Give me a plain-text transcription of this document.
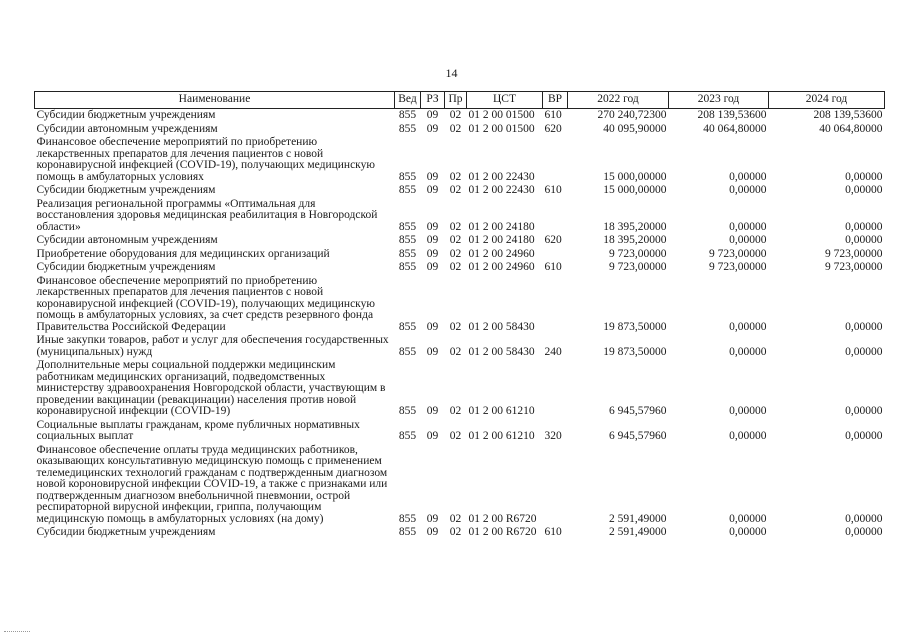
14
Наименование	Вед	РЗ	Пр	ЦСТ	ВР	2022 год	2023 год	2024 год
Субсидии бюджетным учреждениям	855	09	02	01 2 00 01500	610	270 240,72300	208 139,53600	208 139,53600
Субсидии автономным учреждениям	855	09	02	01 2 00 01500	620	40 095,90000	40 064,80000	40 064,80000
Финансовое обеспечение мероприятий по приобретению лекарственных препаратов для лечения пациентов с новой коронавирусной инфекцией (COVID-19), получающих медицинскую помощь в амбулаторных условиях	855	09	02	01 2 00 22430		15 000,00000	0,00000	0,00000
Субсидии бюджетным учреждениям	855	09	02	01 2 00 22430	610	15 000,00000	0,00000	0,00000
Реализация региональной программы «Оптимальная для восстановления здоровья медицинская реабилитация в Новгородской области»	855	09	02	01 2 00 24180		18 395,20000	0,00000	0,00000
Субсидии автономным учреждениям	855	09	02	01 2 00 24180	620	18 395,20000	0,00000	0,00000
Приобретение оборудования для медицинских организаций	855	09	02	01 2 00 24960		9 723,00000	9 723,00000	9 723,00000
Субсидии бюджетным учреждениям	855	09	02	01 2 00 24960	610	9 723,00000	9 723,00000	9 723,00000
Финансовое обеспечение мероприятий по приобретению лекарственных препаратов для лечения пациентов с новой коронавирусной инфекцией (COVID-19), получающих медицинскую помощь в амбулаторных условиях, за счет средств резервного фонда Правительства Российской Федерации	855	09	02	01 2 00 58430		19 873,50000	0,00000	0,00000
Иные закупки товаров, работ и услуг для обеспечения государственных (муниципальных) нужд	855	09	02	01 2 00 58430	240	19 873,50000	0,00000	0,00000
Дополнительные меры социальной поддержки медицинским работникам медицинских организаций, подведомственных министерству здравоохранения Новгородской области, участвующим в проведении вакцинации (ревакцинации) населения против новой коронавирусной инфекции (COVID-19)	855	09	02	01 2 00 61210		6 945,57960	0,00000	0,00000
Социальные выплаты гражданам, кроме публичных нормативных социальных выплат	855	09	02	01 2 00 61210	320	6 945,57960	0,00000	0,00000
Финансовое обеспечение оплаты труда медицинских работников, оказывающих консультативную медицинскую помощь с применением телемедицинских технологий гражданам с подтвержденным диагнозом новой короновирусной инфекции COVID-19, а также с признаками или подтвержденным диагнозом внебольничной пневмонии, острой респираторной вирусной инфекции, гриппа, получающим медицинскую помощь в амбулаторных условиях (на дому)	855	09	02	01 2 00 R6720		2 591,49000	0,00000	0,00000
Субсидии бюджетным учреждениям	855	09	02	01 2 00 R6720	610	2 591,49000	0,00000	0,00000
